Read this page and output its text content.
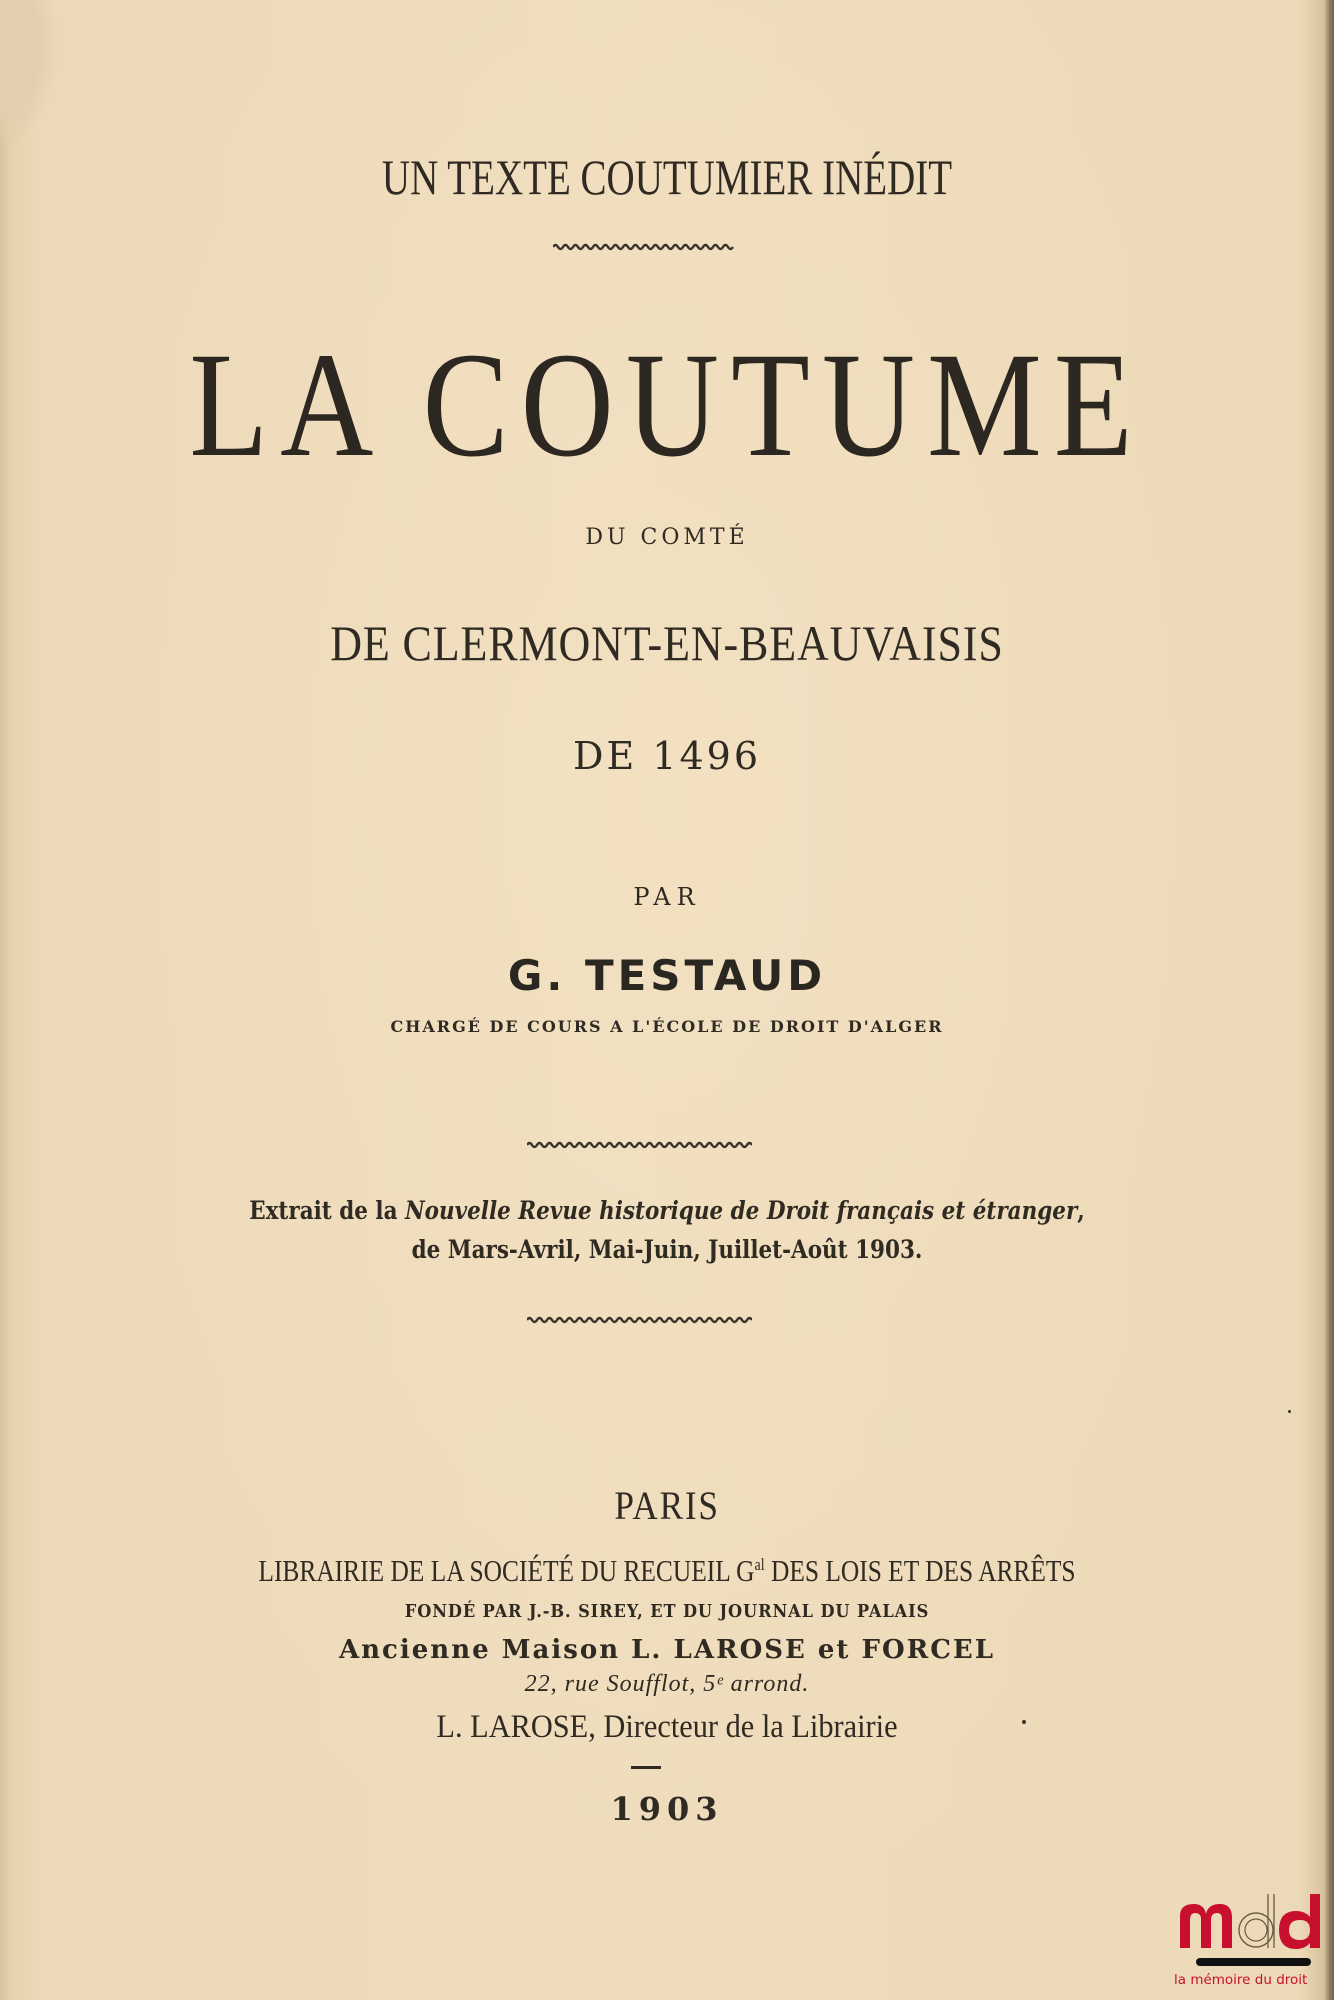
UN TEXTE COUTUMIER INÉDIT
LA COUTUME
DU COMTÉ
DE CLERMONT-EN-BEAUVAISIS
DE 1496
PAR
G. TESTAUD
CHARGÉ DE COURS A L'ÉCOLE DE DROIT D'ALGER
Extrait de la Nouvelle Revue historique de Droit français et étranger,
de Mars-Avril, Mai-Juin, Juillet-Août 1903.
PARIS
LIBRAIRIE DE LA SOCIÉTÉ DU RECUEIL $G^{al}$ DES LOIS ET DES ARRÊTS
FONDÉ PAR J.-B. SIREY, ET DU JOURNAL DU PALAIS
Ancienne Maison L. LAROSE et FORCEL
22, rue Soufflot, 5ᵉ arrond.
L. LAROSE, Directeur de la Librairie
1903
la mémoire du droit
